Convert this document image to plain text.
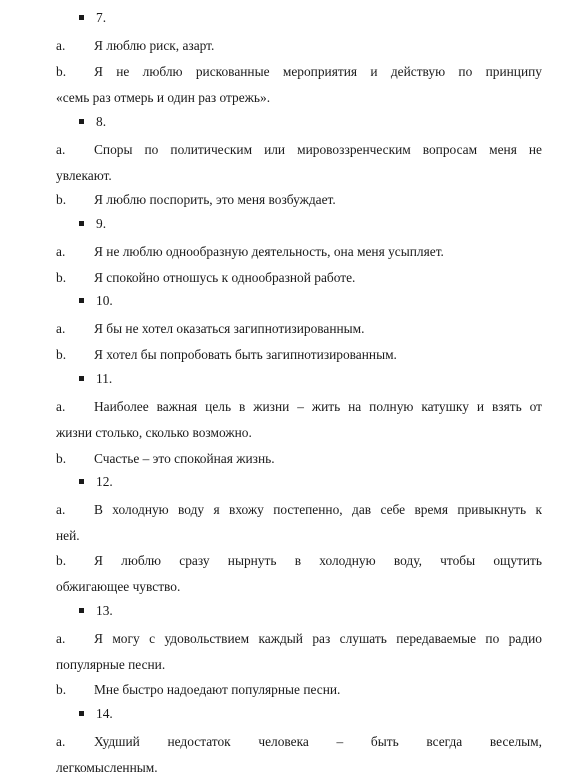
7.
a.	Я люблю риск, азарт.
b.	Я не люблю рискованные мероприятия и действую по принципу
«семь раз отмерь и один раз отрежь».
8.
a.	Споры по политическим или мировоззренческим вопросам меня не
увлекают.
b.	Я люблю поспорить, это меня возбуждает.
9.
a.	Я не люблю однообразную деятельность, она меня усыпляет.
b.	Я спокойно отношусь к однообразной работе.
10.
a.	Я бы не хотел оказаться загипнотизированным.
b.	Я хотел бы попробовать быть загипнотизированным.
11.
a.	Наиболее важная цель в жизни – жить на полную катушку и взять от
жизни столько, сколько возможно.
b.	Счастье – это спокойная жизнь.
12.
a.	В холодную воду я вхожу постепенно, дав себе время привыкнуть к
ней.
b.	Я люблю сразу нырнуть в холодную воду, чтобы ощутить
обжигающее чувство.
13.
a.	Я могу с удовольствием каждый раз слушать передаваемые по радио
популярные песни.
b.	Мне быстро надоедают популярные песни.
14.
a.	Худший недостаток человека – быть всегда веселым,
легкомысленным.
